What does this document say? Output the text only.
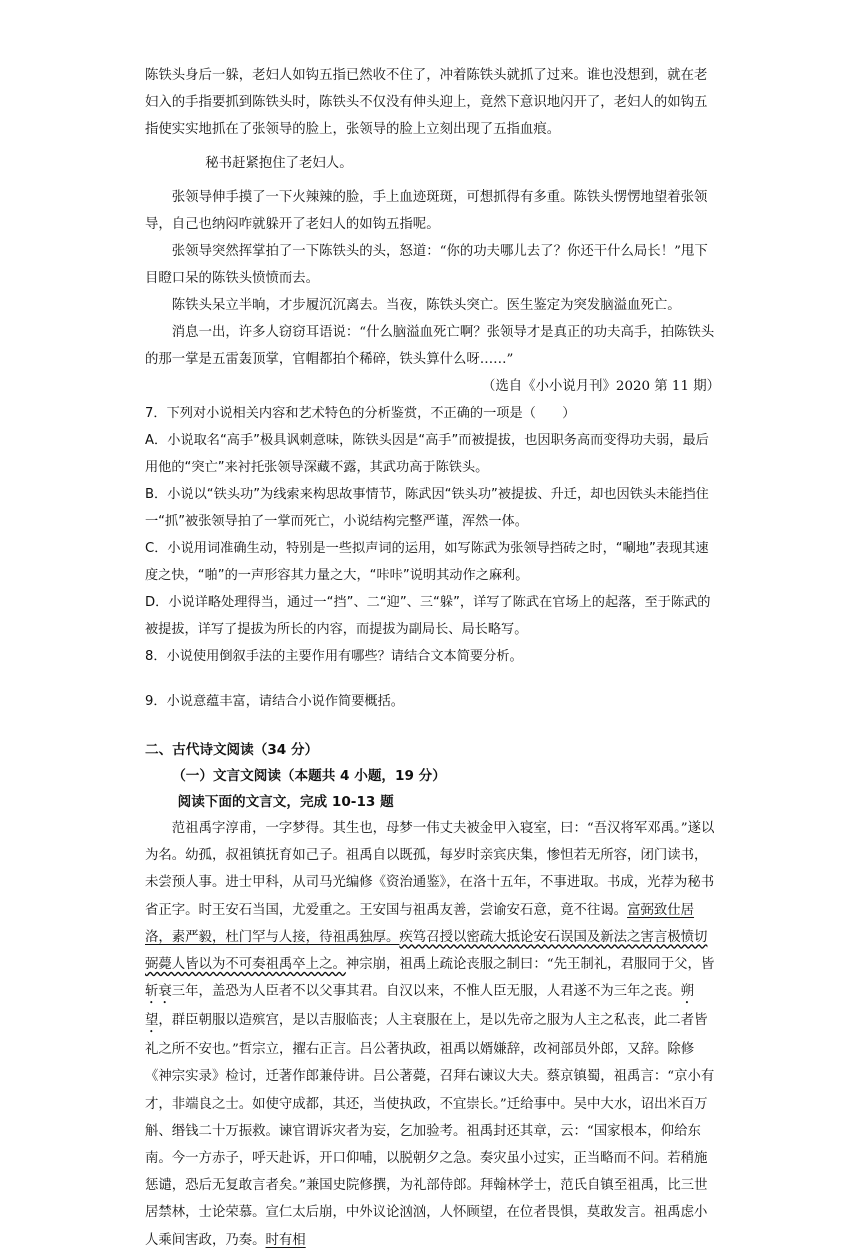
陈铁头身后一躲，老妇人如钩五指已然收不住了，冲着陈铁头就抓了过来。谁也没想到，就在老妇入的手指要抓到陈铁头时，陈铁头不仅没有伸头迎上，竟然下意识地闪开了，老妇人的如钩五指使实实地抓在了张领导的脸上，张领导的脸上立刻出现了五指血痕。

秘书赶紧抱住了老妇人。

张领导伸手摸了一下火辣辣的脸，手上血迹斑斑，可想抓得有多重。陈铁头愣愣地望着张领导，自己也纳闷咋就躲开了老妇人的如钩五指呢。

张领导突然挥掌拍了一下陈铁头的头，怒道：“你的功夫哪儿去了？你还干什么局长！”甩下目瞪口呆的陈铁头愤愤而去。

陈铁头呆立半晌，才步履沉沉离去。当夜，陈铁头突亡。医生鉴定为突发脑溢血死亡。

消息一出，许多人窃窃耳语说：“什么脑溢血死亡啊？张领导才是真正的功夫高手，拍陈铁头的那一掌是五雷轰顶掌，官帽都拍个稀碎，铁头算什么呀……”

（选自《小小说月刊》2020 第 11 期）

7．下列对小说相关内容和艺术特色的分析鉴赏，不正确的一项是（　　）

A．小说取名“高手”极具讽刺意味，陈铁头因是“高手”而被提拔，也因职务高而变得功夫弱，最后用他的“突亡”来衬托张领导深藏不露，其武功高于陈铁头。

B．小说以“铁头功”为线索来构思故事情节，陈武因“铁头功”被提拔、升迁，却也因铁头未能挡住一“抓”被张领导拍了一掌而死亡，小说结构完整严谨，浑然一体。

C．小说用词准确生动，特别是一些拟声词的运用，如写陈武为张领导挡砖之时，“唰地”表现其速度之快，“啪”的一声形容其力量之大，“咔咔”说明其动作之麻利。

D．小说详略处理得当，通过一“挡”、二“迎”、三“躲”，详写了陈武在官场上的起落，至于陈武的被提拔，详写了提拔为所长的内容，而提拔为副局长、局长略写。

8．小说使用倒叙手法的主要作用有哪些？请结合文本简要分析。

9．小说意蕴丰富，请结合小说作简要概括。

二、古代诗文阅读（34 分）

（一）文言文阅读（本题共 4 小题，19 分）

阅读下面的文言文，完成 10-13 题

范祖禹字淳甫，一字梦得。其生也，母梦一伟丈夫被金甲入寝室，曰：“吾汉将军邓禹。”遂以为名。幼孤，叔祖镇抚育如己子。祖禹自以既孤，每岁时亲宾庆集，惨怛若无所容，闭门读书，未尝预人事。进士甲科，从司马光编修《资治通鉴》，在洛十五年，不事进取。书成，光荐为秘书省正字。时王安石当国，尤爱重之。王安国与祖禹友善，尝谕安石意，竟不往谒。富弼致仕居洛，素严毅，杜门罕与人接，待祖禹独厚。疾笃召授以密疏大抵论安石误国及新法之害言极愤切弼薨人皆以为不可奏祖禹卒上之。神宗崩，祖禹上疏论丧服之制曰：“先王制礼，君服同于父，皆斩衰三年，盖恐为人臣者不以父事其君。自汉以来，不惟人臣无服，人君遂不为三年之丧。朔望，群臣朝服以造殡宫，是以吉服临丧；人主衰服在上，是以先帝之服为人主之私丧，此二者皆礼之所不安也。”哲宗立，擢右正言。吕公著执政，祖禹以婿嫌辞，改祠部员外郎，又辞。除修《神宗实录》检讨，迁著作郎兼侍讲。吕公著薨，召拜右谏议大夫。蔡京镇蜀，祖禹言：“京小有才，非端良之士。如使守成都，其还，当使执政，不宜崇长。”迁给事中。吴中大水，诏出米百万斛、缗钱二十万振救。谏官谓诉灾者为妄，乞加验考。祖禹封还其章，云：“国家根本，仰给东南。今一方赤子，呼天赴诉，开口仰哺，以脱朝夕之急。奏灾虽小过实，正当略而不问。若稍施惩谴，恐后无复敢言者矣。”兼国史院修撰，为礼部侍郎。拜翰林学士，范氏自镇至祖禹，比三世居禁林，士论荣慕。宣仁太后崩，中外议论汹汹，人怀顾望，在位者畏惧，莫敢发言。祖禹虑小人乘间害政，乃奏。时有相
